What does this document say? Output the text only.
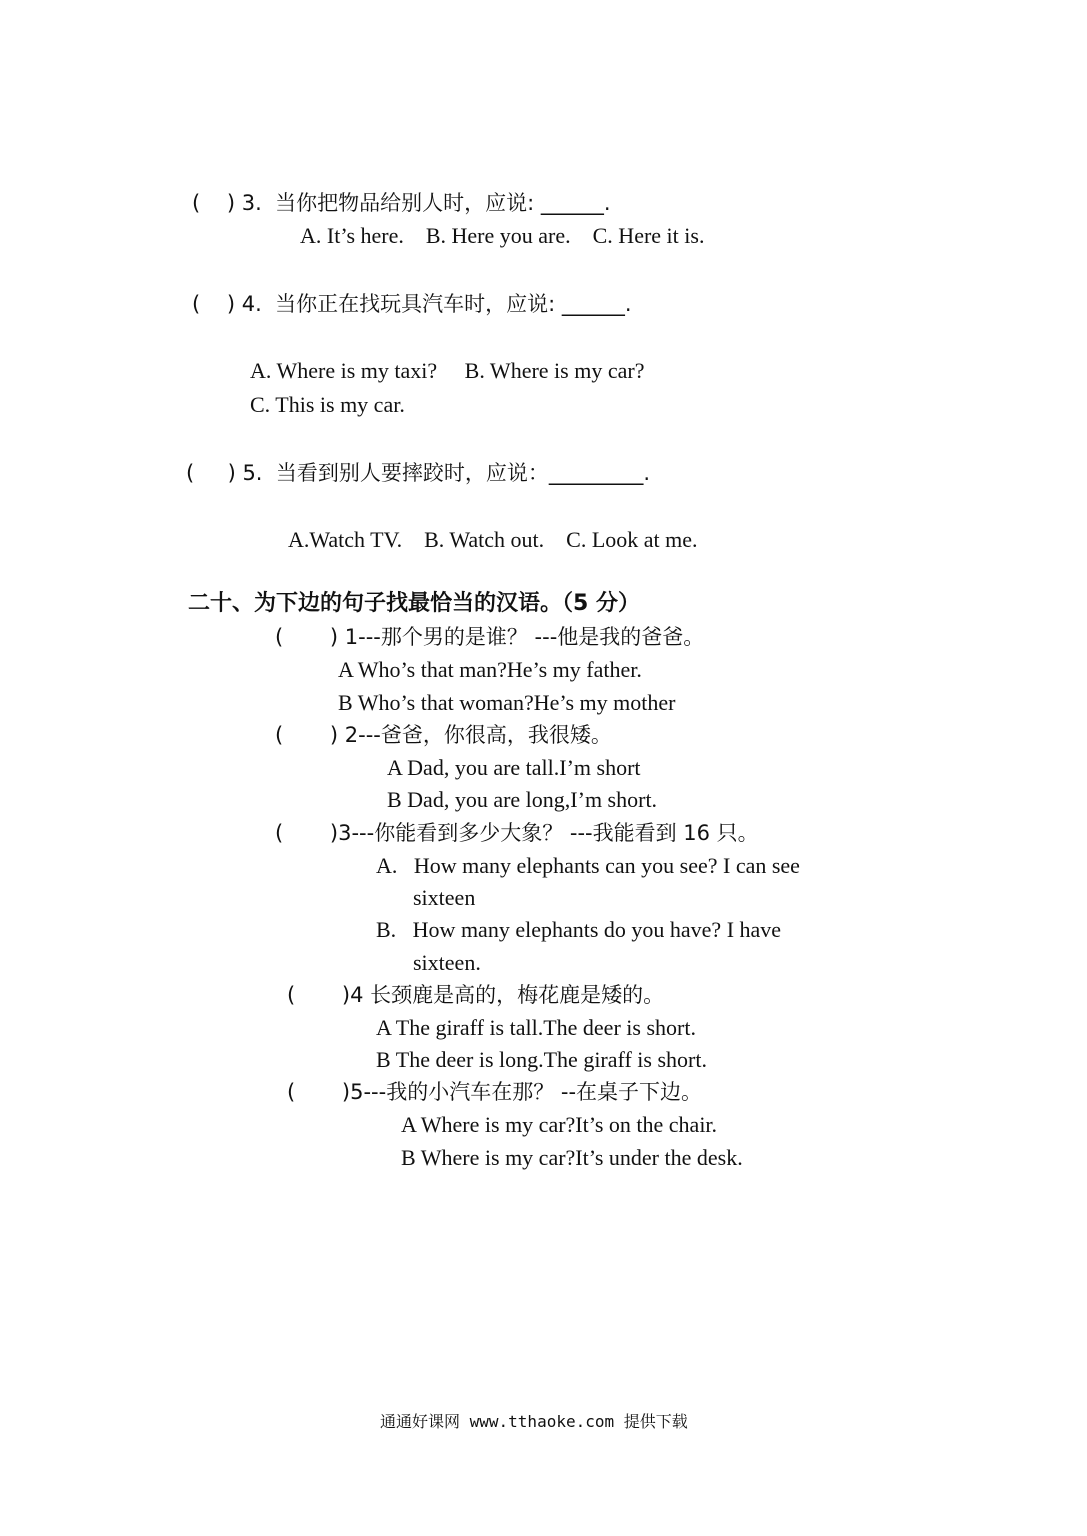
(    ) 3.  当你把物品给别人时，应说: ______.
A. It’s here.    B. Here you are.    C. Here it is.
(    ) 4.  当你正在找玩具汽车时，应说: ______.
A. Where is my taxi?     B. Where is my car?
C. This is my car.
(     ) 5.  当看到别人要摔跤时，应说：_________.
A.Watch TV.    B. Watch out.    C. Look at me.
二十、为下边的句子找最恰当的汉语。（5 分）
(       ) 1---那个男的是谁？ ---他是我的爸爸。
A Who’s that man?He’s my father.
B Who’s that woman?He’s my mother
(       ) 2---爸爸，你很高，我很矮。
A Dad, you are tall.I’m short
B Dad, you are long,I’m short.
(       )3---你能看到多少大象？ ---我能看到 16 只。
A.   How many elephants can you see? I can see
sixteen
B.   How many elephants do you have? I have
sixteen.
(       )4 长颈鹿是高的，梅花鹿是矮的。
A The giraff is tall.The deer is short.
B The deer is long.The giraff is short.
(       )5---我的小汽车在那？ --在桌子下边。
A Where is my car?It’s on the chair.
B Where is my car?It’s under the desk.
通通好课网 www.tthaoke.com 提供下载
